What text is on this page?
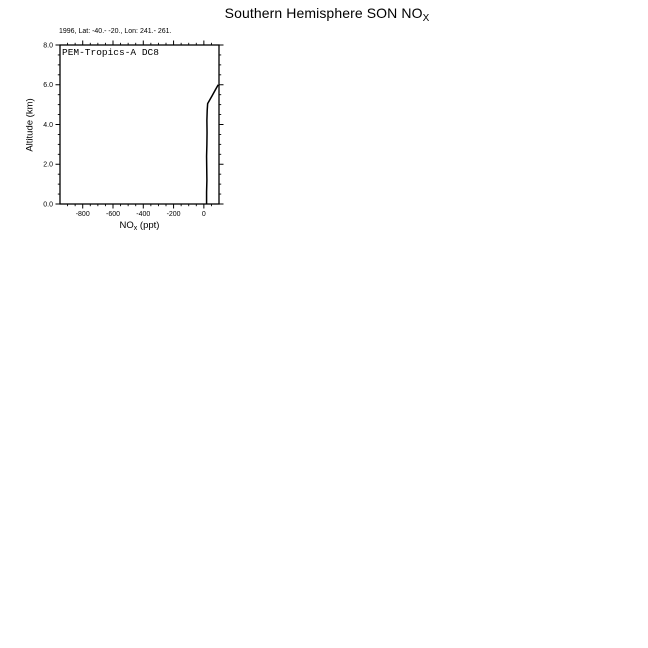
Southern Hemisphere SON $NO_X$
-800 -600 -400 -200	0
0.0
2.0
4.0
6.0
8.0
1996, Lat: -40.- -20., Lon: 241.- 261.
PEM-Tropics-A DC8
$NO_x$ (ppt)
Altitude (km)
